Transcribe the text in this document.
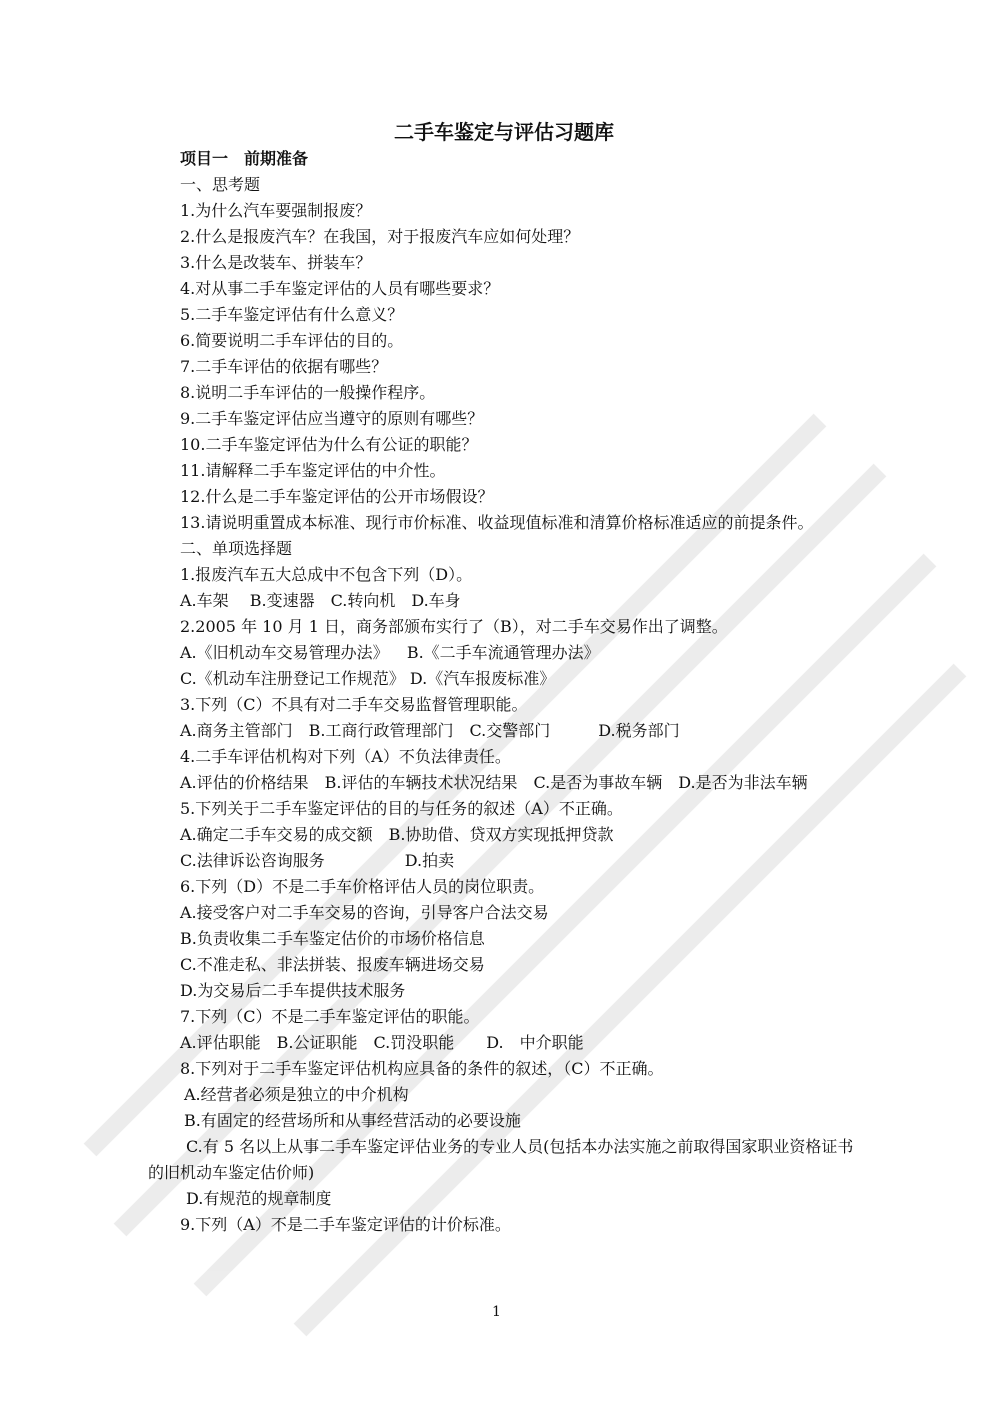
二手车鉴定与评估习题库

项目一　前期准备

一、思考题

1.为什么汽车要强制报废？

2.什么是报废汽车？在我国，对于报废汽车应如何处理？

3.什么是改装车、拼装车？

4.对从事二手车鉴定评估的人员有哪些要求？

5.二手车鉴定评估有什么意义？

6.简要说明二手车评估的目的。

7.二手车评估的依据有哪些？

8.说明二手车评估的一般操作程序。

9.二手车鉴定评估应当遵守的原则有哪些？

10.二手车鉴定评估为什么有公证的职能？

11.请解释二手车鉴定评估的中介性。

12.什么是二手车鉴定评估的公开市场假设？

13.请说明重置成本标准、现行市价标准、收益现值标准和清算价格标准适应的前提条件。

二、单项选择题

1.报废汽车五大总成中不包含下列（D）。

A.车架　 B.变速器　C.转向机　D.车身

2.2005 年 10 月 1 日，商务部颁布实行了（B），对二手车交易作出了调整。

A.《旧机动车交易管理办法》　  B.《二手车流通管理办法》

C.《机动车注册登记工作规范》 D.《汽车报废标准》

3.下列（C）不具有对二手车交易监督管理职能。

A.商务主管部门　B.工商行政管理部门　C.交警部门　　　D.税务部门

4.二手车评估机构对下列（A）不负法律责任。

A.评估的价格结果　B.评估的车辆技术状况结果　C.是否为事故车辆　D.是否为非法车辆

5.下列关于二手车鉴定评估的目的与任务的叙述（A）不正确。

A.确定二手车交易的成交额　B.协助借、贷双方实现抵押贷款

C.法律诉讼咨询服务　　　　　D.拍卖

6.下列（D）不是二手车价格评估人员的岗位职责。

A.接受客户对二手车交易的咨询，引导客户合法交易

B.负责收集二手车鉴定估价的市场价格信息

C.不准走私、非法拼装、报废车辆进场交易

D.为交易后二手车提供技术服务

7.下列（C）不是二手车鉴定评估的职能。

A.评估职能　B.公证职能　C.罚没职能　　D.　中介职能

8.下列对于二手车鉴定评估机构应具备的条件的叙述，（C）不正确。

A.经营者必须是独立的中介机构

B.有固定的经营场所和从事经营活动的必要设施

C.有 5 名以上从事二手车鉴定评估业务的专业人员(包括本办法实施之前取得国家职业资格证书的旧机动车鉴定估价师)

D.有规范的规章制度

9.下列（A）不是二手车鉴定评估的计价标准。

1
